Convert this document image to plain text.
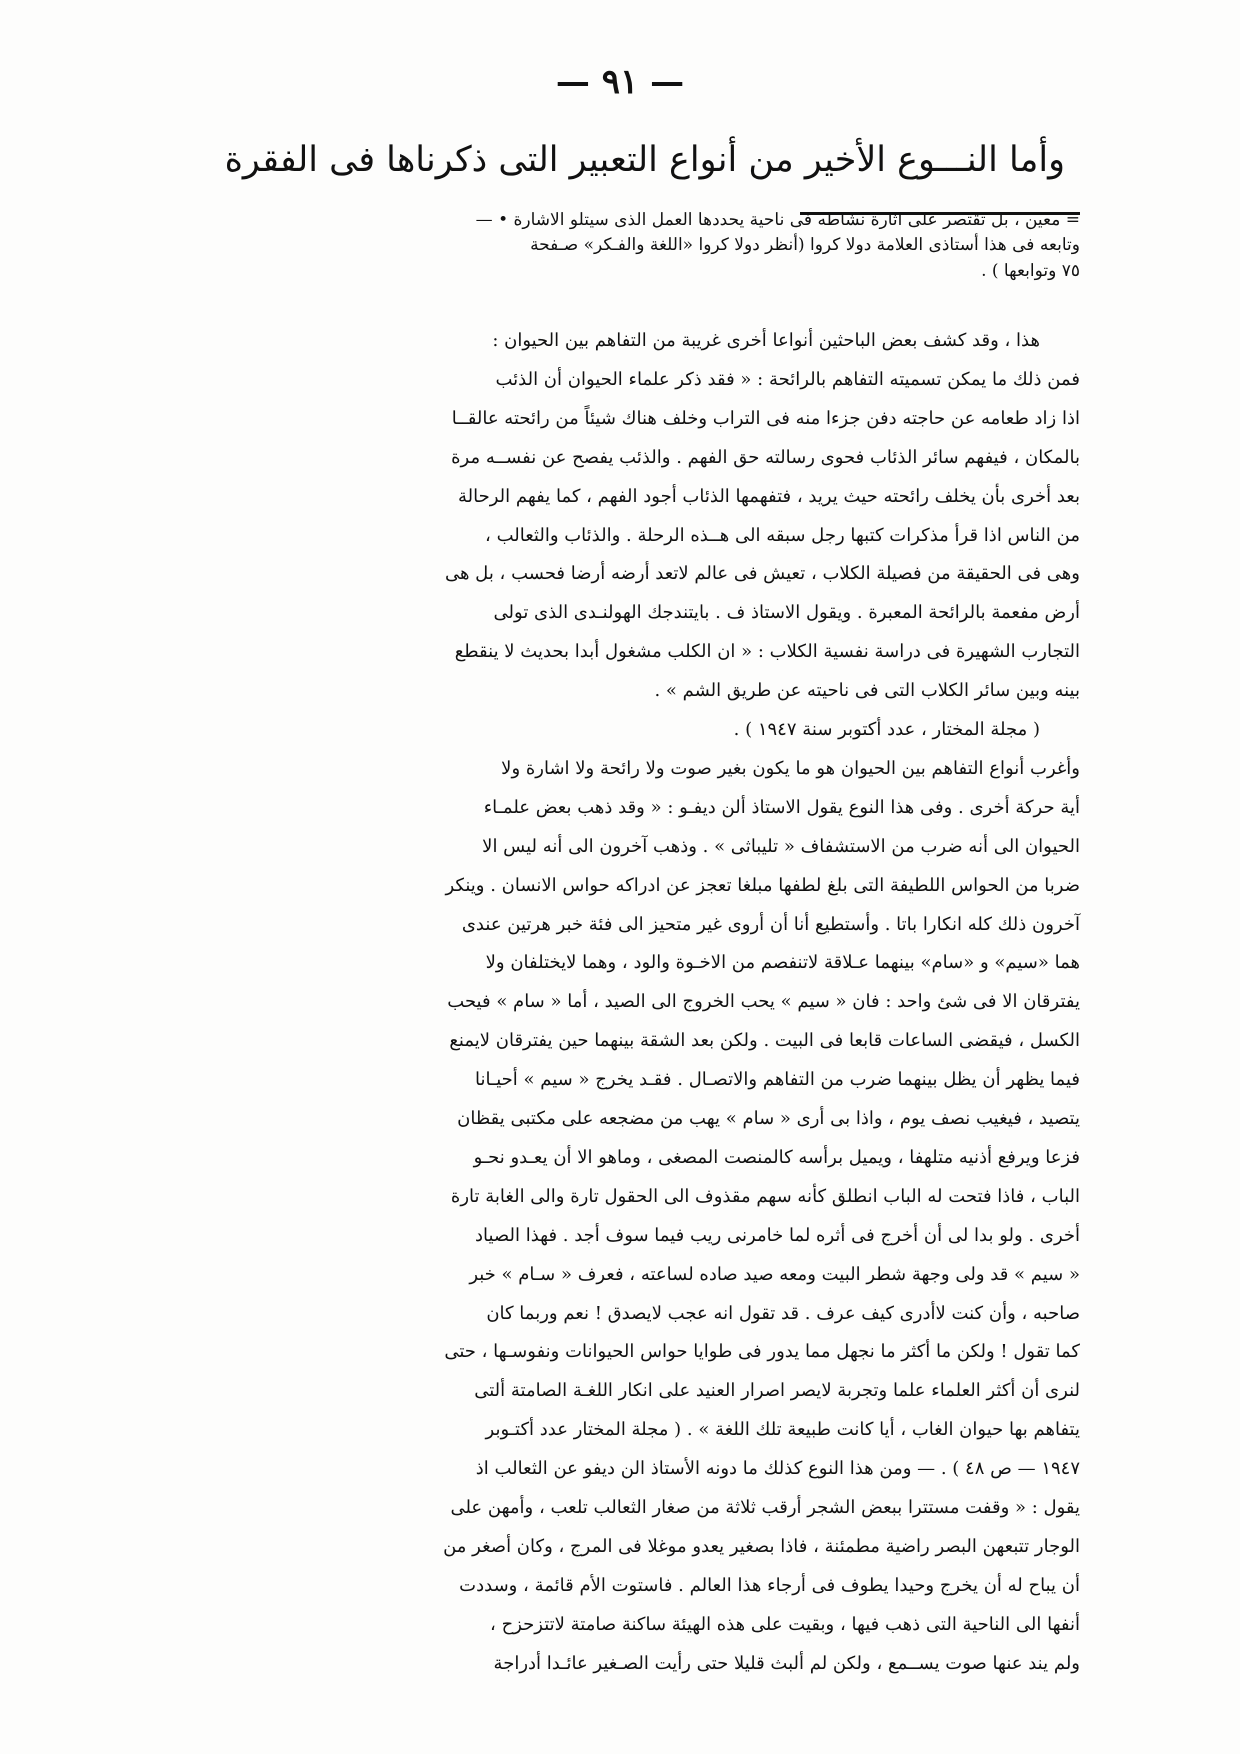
— ٩١ —
وأما النـــوع الأخير من أنواع التعبير التى ذكرناها فى الفقرة
= معين ، بل تقتصر على اثارة نشاطه فى ناحية يحددها العمل الذى سيتلو الاشارة • —
وتابعه فى هذا أستاذى العلامة دولا كروا (أنظر دولا كروا «اللغة والفـكر» صـفحة
٧٥ وتوابعها ) .
هذا ، وقد كشف بعض الباحثين أنواعا أخرى غريبة من التفاهم بين الحيوان :
فمن ذلك ما يمكن تسميته التفاهم بالرائحة : « فقد ذكر علماء الحيوان أن الذئب
اذا زاد طعامه عن حاجته دفن جزءا منه فى التراب وخلف هناك شيئاً من رائحته عالقــا
بالمكان ، فيفهم سائر الذئاب فحوى رسالته حق الفهم . والذئب يفصح عن نفســه مرة
بعد أخرى بأن يخلف رائحته حيث يريد ، فتفهمها الذئاب أجود الفهم ، كما يفهم الرحالة
من الناس اذا قرأ مذكرات كتبها رجل سبقه الى هــذه الرحلة . والذئاب والثعالب ،
وهى فى الحقيقة من فصيلة الكلاب ، تعيش فى عالم لاتعد أرضه أرضا فحسب ، بل هى
أرض مفعمة بالرائحة المعبرة . ويقول الاستاذ ف . بايتندجك الهولنـدى الذى تولى
التجارب الشهيرة فى دراسة نفسية الكلاب : « ان الكلب مشغول أبدا بحديث لا ينقطع
بينه وبين سائر الكلاب التى فى ناحيته عن طريق الشم » .
( مجلة المختار ، عدد أكتوبر سنة ١٩٤٧ ) .
وأغرب أنواع التفاهم بين الحيوان هو ما يكون بغير صوت ولا رائحة ولا اشارة ولا
أية حركة أخرى . وفى هذا النوع يقول الاستاذ ألن ديفـو : « وقد ذهب بعض علمـاء
الحيوان الى أنه ضرب من الاستشفاف « تليباثى » . وذهب آخرون الى أنه ليس الا
ضربا من الحواس اللطيفة التى بلغ لطفها مبلغا تعجز عن ادراكه حواس الانسان . وينكر
آخرون ذلك كله انكارا باتا . وأستطيع أنا أن أروى غير متحيز الى فئة خبر هرتين عندى
هما «سيم» و «سام» بينهما عـلاقة لاتنفصم من الاخـوة والود ، وهما لايختلفان ولا
يفترقان الا فى شئ واحد : فان « سيم » يحب الخروج الى الصيد ، أما « سام » فيحب
الكسل ، فيقضى الساعات قابعا فى البيت . ولكن بعد الشقة بينهما حين يفترقان لايمنع
فيما يظهر أن يظل بينهما ضرب من التفاهم والاتصـال . فقـد يخرج « سيم » أحيـانا
يتصيد ، فيغيب نصف يوم ، واذا بى أرى « سام » يهب من مضجعه على مكتبى يقظان
فزعا ويرفع أذنيه متلهفا ، ويميل برأسه كالمنصت المصغى ، وماهو الا أن يعـدو نحـو
الباب ، فاذا فتحت له الباب انطلق كأنه سهم مقذوف الى الحقول تارة والى الغابة تارة
أخرى . ولو بدا لى أن أخرج فى أثره لما خامرنى ريب فيما سوف أجد . فهذا الصياد
« سيم » قد ولى وجهة شطر البيت ومعه صيد صاده لساعته ، فعرف « سـام » خبر
صاحبه ، وأن كنت لاأدرى كيف عرف . قد تقول انه عجب لايصدق ! نعم وربما كان
كما تقول ! ولكن ما أكثر ما نجهل مما يدور فى طوايا حواس الحيوانات ونفوسـها ، حتى
لنرى أن أكثر العلماء علما وتجربة لايصر اصرار العنيد على انكار اللغـة الصامتة ألتى
يتفاهم بها حيوان الغاب ، أيا كانت طبيعة تلك اللغة » . ( مجلة المختار عدد أكتـوبر
١٩٤٧ — ص ٤٨ ) . — ومن هذا النوع كذلك ما دونه الأستاذ الن ديفو عن الثعالب اذ
يقول : « وقفت مستترا ببعض الشجر أرقب ثلاثة من صغار الثعالب تلعب ، وأمهن على
الوجار تتبعهن البصر راضية مطمئنة ، فاذا بصغير يعدو موغلا فى المرج ، وكان أصغر من
أن يباح له أن يخرج وحيدا يطوف فى أرجاء هذا العالم . فاستوت الأم قائمة ، وسددت
أنفها الى الناحية التى ذهب فيها ، وبقيت على هذه الهيئة ساكنة صامتة لاتتزحزح ،
ولم يند عنها صوت يســمع ، ولكن لم ألبث قليلا حتى رأيت الصـغير عائـدا أدراجة
